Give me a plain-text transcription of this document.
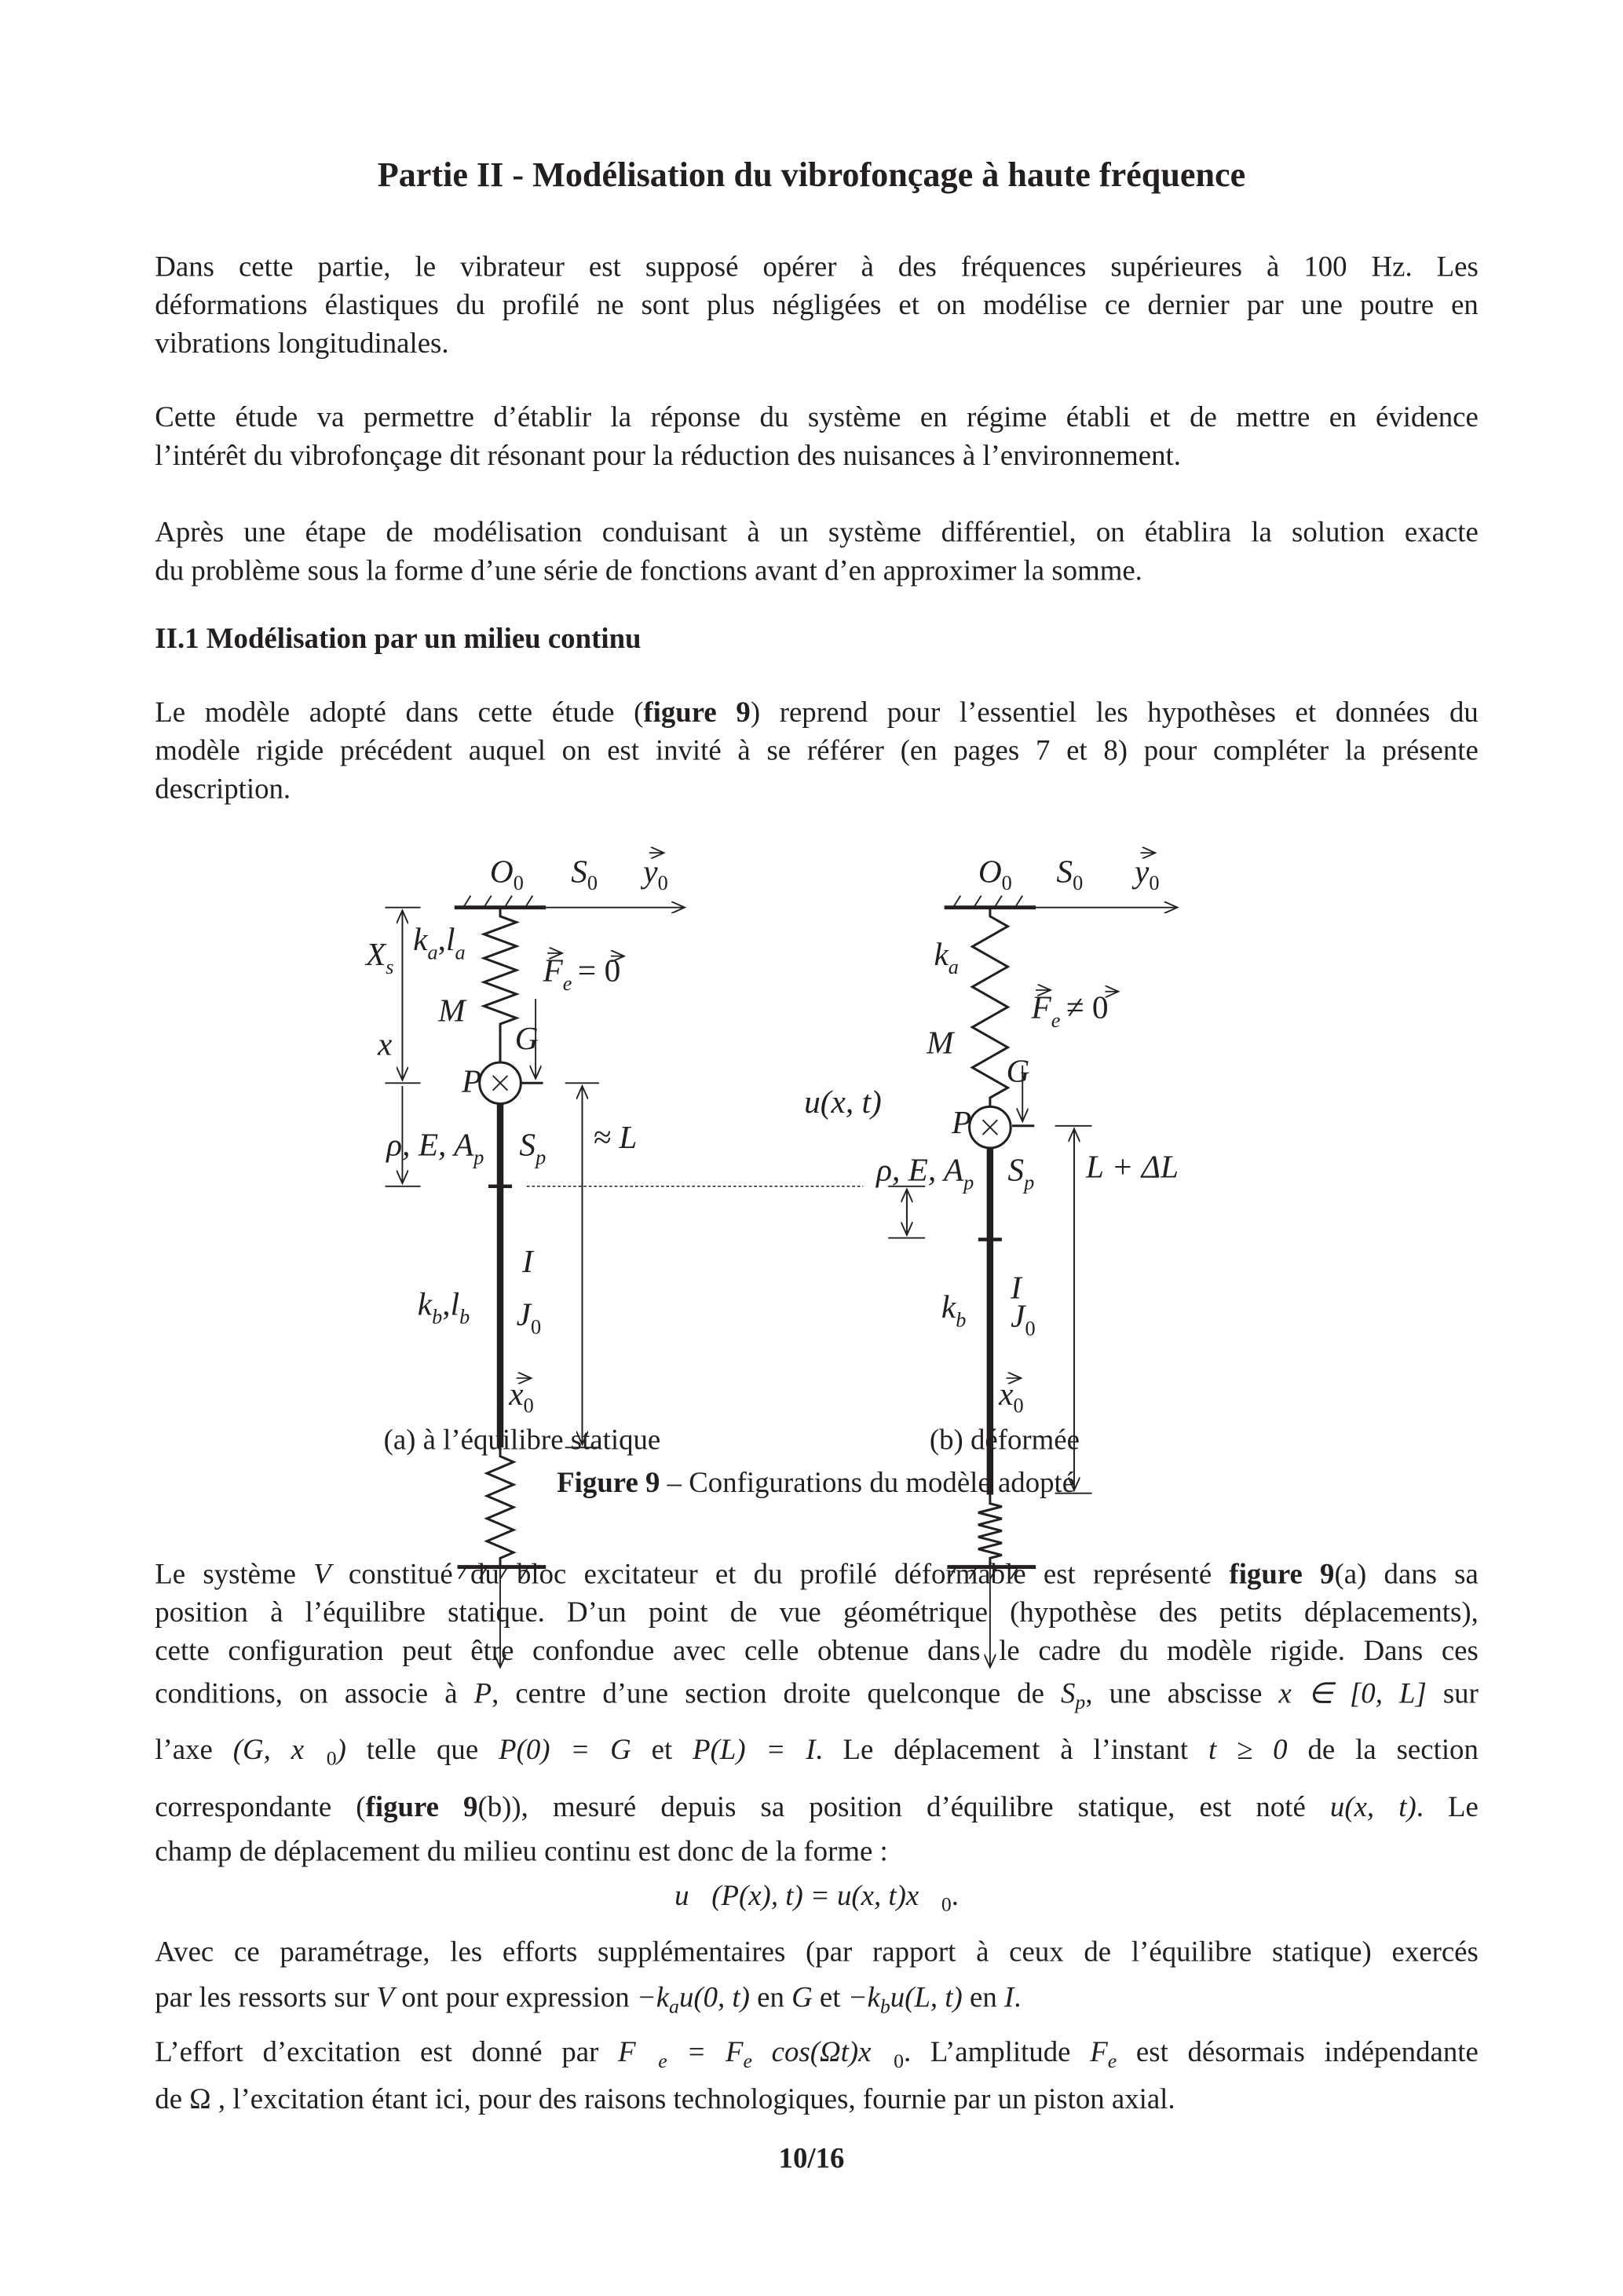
Partie II - Modélisation du vibrofonçage à haute fréquence
Dans cette partie, le vibrateur est supposé opérer à des fréquences supérieures à 100 Hz. Les
déformations élastiques du profilé ne sont plus négligées et on modélise ce dernier par une poutre en
vibrations longitudinales.
Cette étude va permettre d’établir la réponse du système en régime établi et de mettre en évidence
l’intérêt du vibrofonçage dit résonant pour la réduction des nuisances à l’environnement.
Après une étape de modélisation conduisant à un système différentiel, on établira la solution exacte
du problème sous la forme d’une série de fonctions avant d’en approximer la somme.
II.1 Modélisation par un milieu continu
Le modèle adopté dans cette étude (figure 9) reprend pour l’essentiel les hypothèses et données du
modèle rigide précédent auquel on est invité à se référer (en pages 7 et 8) pour compléter la présente
description.
$O_0$	$S_0$	$y_0$
$X_s$
$k_a,l_a$	$F_e = 0$
M
G
x
P
ρ, E, $A_p$ $S_p$
≈ L
I
$k_b,l_b$	$J_0$
$x_0$
$O_0$	$S_0$	$y_0$
$k_a$
$F_e \ne 0$
M
G
u(x, t)
P
ρ, E, $A_p$ $S_p$	L + ΔL
I
$k_b$	$J_0$
$x_0$
(a) à l’équilibre statique	(b) déformée
Figure 9 – Configurations du modèle adopté
Le système V constitué du bloc excitateur et du profilé déformable est représenté figure 9(a) dans sa
position à l’équilibre statique. D’un point de vue géométrique (hypothèse des petits déplacements),
cette configuration peut être confondue avec celle obtenue dans le cadre du modèle rigide. Dans ces
conditions, on associe à P, centre d’une section droite quelconque de $S_p$, une abscisse x ∈ [0, L] sur
l’axe (G, $x⃗_0$) telle que P(0) = G et P(L) = I. Le déplacement à l’instant t ≥ 0 de la section
correspondante (figure 9(b)), mesuré depuis sa position d’équilibre statique, est noté u(x, t). Le
champ de déplacement du milieu continu est donc de la forme :
u⃗(P(x), t) = u(x, $t)x⃗_0$.
Avec ce paramétrage, les efforts supplémentaires (par rapport à ceux de l’équilibre statique) exercés
par les ressorts sur V ont pour expression $-k_au(0$, t) en G et $-k_bu(L$, t) en I.
L’effort d’excitation est donné par $F⃗_e = F_e$ $\cos(\Omega t)x⃗_0$. L’amplitude $F_e$ est désormais indépendante
de Ω , l’excitation étant ici, pour des raisons technologiques, fournie par un piston axial.
10/16
